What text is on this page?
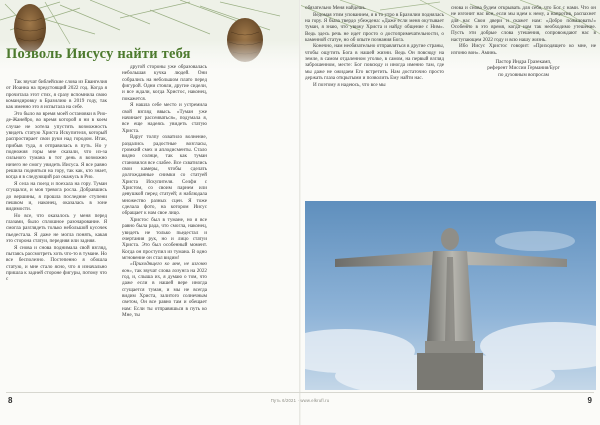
Позволь Иисусу найти тебя

Так звучат библейские слова из Евангелия от Иоанна на предстоящий 2022 год. Когда я прочитала этот стих, я сразу вспомнила свою командировку в Бразилию в 2019 году, так как именно это я испытала на себе.

Это было во время моей остановки в Рио-де-Жанейро, во время которой я ни в коем случае не хотела упустить возможность увидеть статую Христа Искупителя, который распростирает свои руки над городом. Итак, прибыв туда, я отправилась в путь. Но у подножия горы мне сказали, что из-за сильного тумана в тот день я возможно ничего не смогу увидеть Иисуса. Я все равно решила подняться на гору, так как, кто знает, когда я в следующий раз окажусь в Рио.

Я села на поезд и поехала на гору. Туман сгущался, и моя тревога росла. Добравшись до вершины, я прошла последние ступени пешком и, наконец, оказалась в зоне видимости.

Но все, что оказалось у меня перед глазами, было сплошное разочарование. Я смогла разглядеть только небольшой кусочек пьедестала. Я даже не могла понять, какая это сторона статуи, передняя или задняя.

Я снова и снова поднимала свой взгляд, пытаясь рассмотреть хоть что-то в тумане. Но все бесполезно. Постепенно я обошла статую, и мне стало ясно, что я изначально пришла к задней стороне фигуры, потому что с

другой стороны уже образовалась небольшая кучка людей. Они собрались на небольшом плато перед фигурой. Одни стояли, другие сидели, и все ждали, когда Христос, наконец, покажется.

Я нашла себе место и устремила свой взгляд ввысь. «Туман уже начинает рассеиваться», подумала я, все еще надеясь увидеть статую Христа.

Вдруг толпу охватило волнение, раздались радостные возгласы, громкий смех и аплодисменты. Стало видно солнце, так как туман становился все слабее. Все схватились свои камеры, чтобы сделать долгожданные снимки со статуей Христа Искупителя. Селфи с Христом, со своим парнем или девушкой перед статуей; я наблюдала множество разных сцен. Я тоже сделала фото, на котором Иисус обращает к нам свое лицо.

Христос был в тумане, но я все равно была рада, что смогла, наконец, увидеть не только пьедестал и очертания рук, но и лицо статуи Христа. Это был особенный момент. Когда он проступил из тумана. В одно мгновение он стал видим!

«Приходящего ко мне, не изгоню вон», так звучат слова лозунга на 2022 год, и, слыша их, я думаю о том, что даже если в нашей вере иногда сгущается туман, и мы не всегда видим Христа, залитого солнечным светом, Он все равно там и обещает нам: Если ты отправишься в путь ко Мне, ты

обязательно Меня найдешь.

Ведомая этим упованием, я в то утро в Бразилии поднялась на гору. Я была твердо убеждена: «Даже если меня окутывает туман, я знаю, что увижу Христа и найду общение с Ним». Ведь здесь речь не идет просто о достопримечательности, о каменной статуе, но об опыте познания Бога.

Конечно, нам необязательно отправляться в другие страны, чтобы ощутить Бога в нашей жизни. Ведь Он повсюду на земле, в самом отдаленном уголке, в самом, на первый взгляд заброшенном, месте: Бог повсюду и иногда именно там, где мы даже не ожидаем Его встретить. Нам достаточно просто держать глаза открытыми и позволить Ему найти нас.

И поэтому я надеюсь, что все мы

снова и снова будем открывать для себя, что Бог с нами. Что он не изгонит нас вон, если мы идем к нему, а напротив, распахнет для нас Свои двери и скажет нам: «Добро пожаловать!» Особенно в это время, когда нам так необходимо утешение. Пусть эти добрые слова утешения, сопровождают нас в наступающем 2022 году и всю нашу жизнь.

Ибо Иисус Христос говорит: «Приходящего ко мне, не изгоню вон». Аминь.

Пастор Индра Гразекамп,

референт Миссии Германия/Бург

по духовным вопросам

8	Путь 6/2021 · www.elkrufl.ru	9
